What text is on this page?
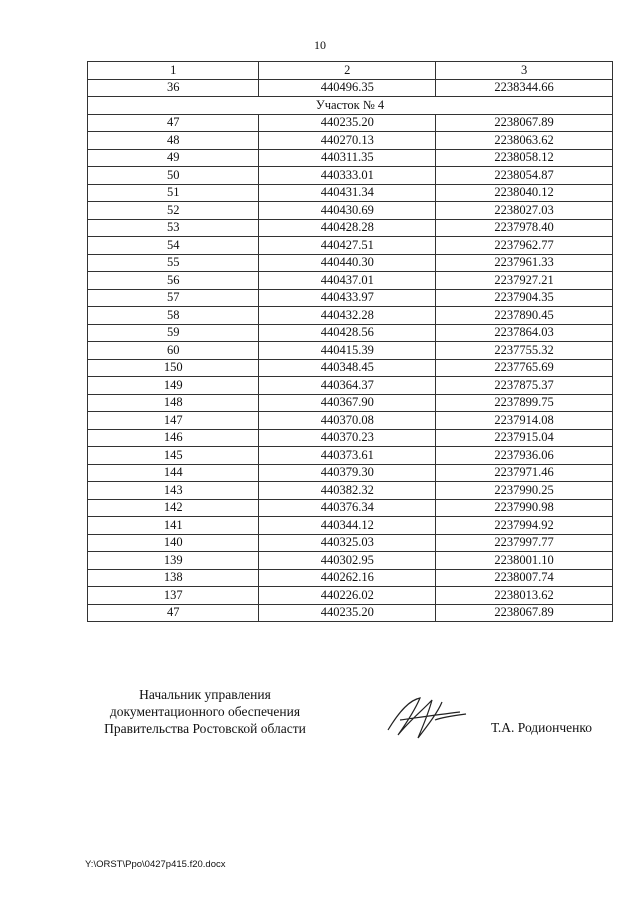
10
1	2	3
36	440496.35	2238344.66
Участок № 4		
47	440235.20	2238067.89
48	440270.13	2238063.62
49	440311.35	2238058.12
50	440333.01	2238054.87
51	440431.34	2238040.12
52	440430.69	2238027.03
53	440428.28	2237978.40
54	440427.51	2237962.77
55	440440.30	2237961.33
56	440437.01	2237927.21
57	440433.97	2237904.35
58	440432.28	2237890.45
59	440428.56	2237864.03
60	440415.39	2237755.32
150	440348.45	2237765.69
149	440364.37	2237875.37
148	440367.90	2237899.75
147	440370.08	2237914.08
146	440370.23	2237915.04
145	440373.61	2237936.06
144	440379.30	2237971.46
143	440382.32	2237990.25
142	440376.34	2237990.98
141	440344.12	2237994.92
140	440325.03	2237997.77
139	440302.95	2238001.10
138	440262.16	2238007.74
137	440226.02	2238013.62
47	440235.20	2238067.89
Начальник управления
документационного обеспечения
Правительства Ростовской области	Т.А. Родионченко
Y:\ORST\Ppo\0427p415.f20.docx
